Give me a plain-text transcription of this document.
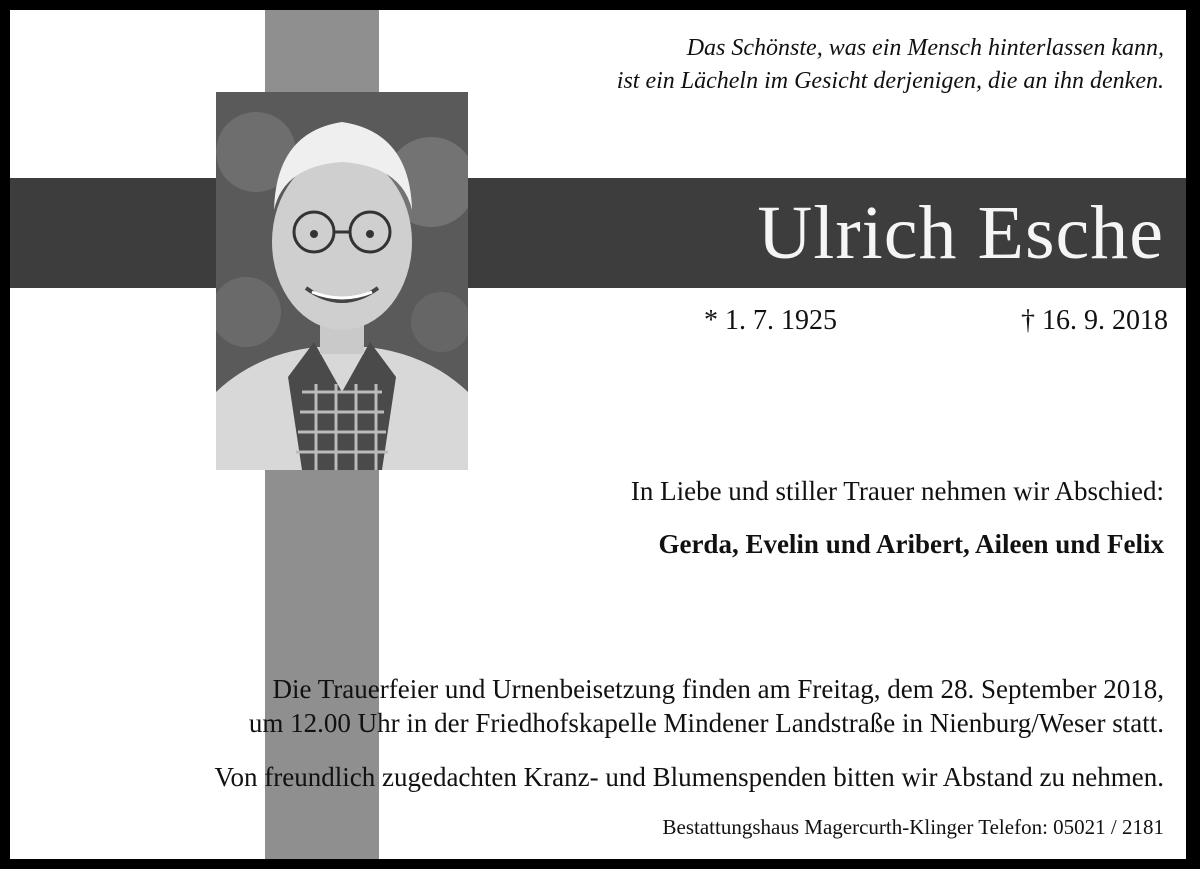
Das Schönste, was ein Mensch hinterlassen kann,
ist ein Lächeln im Gesicht derjenigen, die an ihn denken.
Ulrich Esche
* 1. 7. 1925	† 16. 9. 2018
In Liebe und stiller Trauer nehmen wir Abschied:
Gerda, Evelin und Aribert, Aileen und Felix
Die Trauerfeier und Urnenbeisetzung finden am Freitag, dem 28. September 2018,
um 12.00 Uhr in der Friedhofskapelle Mindener Landstraße in Nienburg/Weser statt.
Von freundlich zugedachten Kranz- und Blumenspenden bitten wir Abstand zu nehmen.
Bestattungshaus Magercurth-Klinger Telefon: 05021 / 2181
